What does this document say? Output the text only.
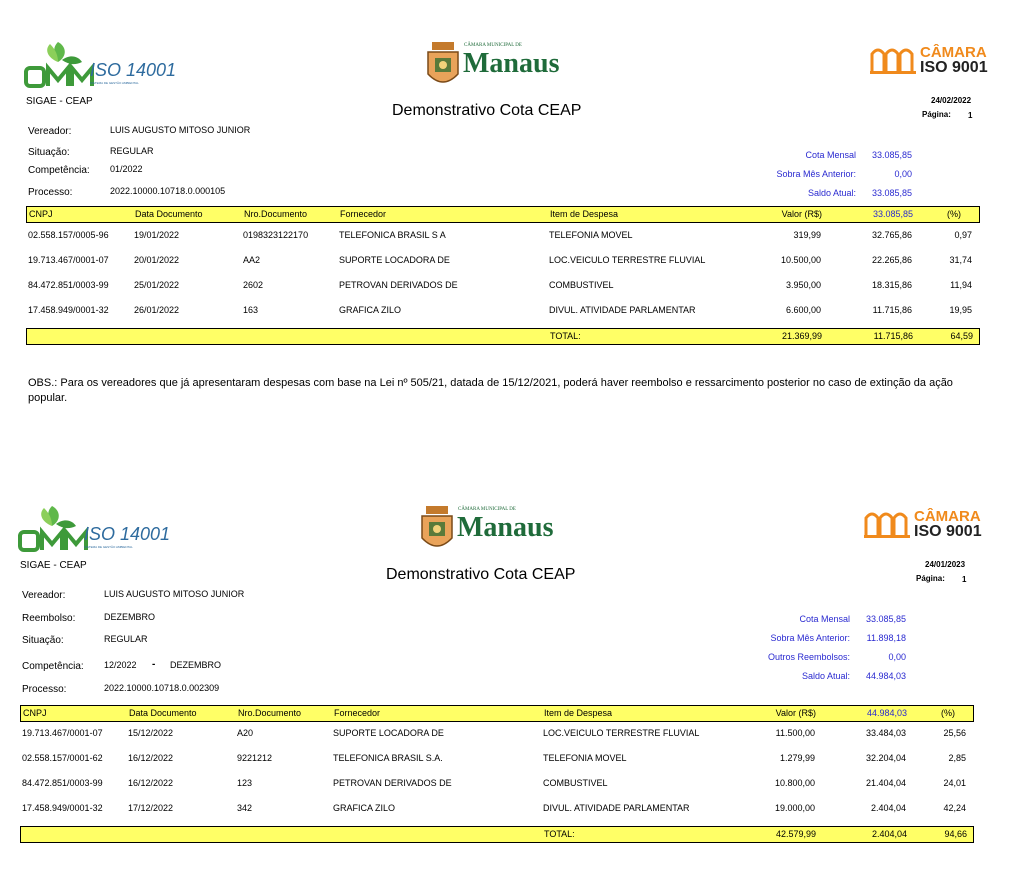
ISO 14001
SISTEMA DE GESTÃO AMBIENTAL
CÂMARA MUNICIPAL DE
Manaus	CÂMARA
ISO 9001
SIGAE - CEAP
Demonstrativo Cota CEAP
24/02/2022
Página: 1
Vereador:	LUIS AUGUSTO MITOSO JUNIOR
Situação:	REGULAR
Competência: 01/2022
Processo:	2022.10000.10718.0.000105
Cota Mensal	33.085,85
Sobra Mês Anterior:	0,00
Saldo Atual:	33.085,85
CNPJ	Data Documento	Nro.Documento	Fornecedor	Item de Despesa	Valor (R$)	33.085,85	(%)
02.558.157/0005-96	19/01/2022	0198323122170	TELEFONICA BRASIL S A	TELEFONIA MOVEL	319,99	32.765,86	0,97
19.713.467/0001-07	20/01/2022	AA2	SUPORTE LOCADORA DE	LOC.VEICULO TERRESTRE FLUVIAL	10.500,00	22.265,86	31,74
84.472.851/0003-99	25/01/2022	2602	PETROVAN DERIVADOS DE	COMBUSTIVEL	3.950,00	18.315,86	11,94
17.458.949/0001-32	26/01/2022	163	GRAFICA ZILO	DIVUL. ATIVIDADE PARLAMENTAR	6.600,00	11.715,86	19,95
TOTAL:	21.369,99	11.715,86	64,59
OBS.: Para os vereadores que já apresentaram despesas com base na Lei nº 505/21, datada de 15/12/2021, poderá haver reembolso e ressarcimento posterior no caso de extinção da ação popular.
ISO 14001
SISTEMA DE GESTÃO AMBIENTAL
CÂMARA MUNICIPAL DE
Manaus	CÂMARA
ISO 9001
SIGAE - CEAP
Demonstrativo Cota CEAP
24/01/2023
Página: 1
Vereador:	LUIS AUGUSTO MITOSO JUNIOR
Reembolso:	DEZEMBRO
Situação:	REGULAR
Competência: 12/2022 - DEZEMBRO
Processo:	2022.10000.10718.0.002309
Cota Mensal	33.085,85
Sobra Mês Anterior:	11.898,18
Outros Reembolsos:	0,00
Saldo Atual:	44.984,03
CNPJ	Data Documento	Nro.Documento	Fornecedor	Item de Despesa	Valor (R$)	44.984,03	(%)
19.713.467/0001-07	15/12/2022	A20	SUPORTE LOCADORA DE	LOC.VEICULO TERRESTRE FLUVIAL	11.500,00	33.484,03	25,56
02.558.157/0001-62	16/12/2022	9221212	TELEFONICA BRASIL S.A.	TELEFONIA MOVEL	1.279,99	32.204,04	2,85
84.472.851/0003-99	16/12/2022	123	PETROVAN DERIVADOS DE	COMBUSTIVEL	10.800,00	21.404,04	24,01
17.458.949/0001-32	17/12/2022	342	GRAFICA ZILO	DIVUL. ATIVIDADE PARLAMENTAR	19.000,00	2.404,04	42,24
TOTAL:	42.579,99	2.404,04	94,66
